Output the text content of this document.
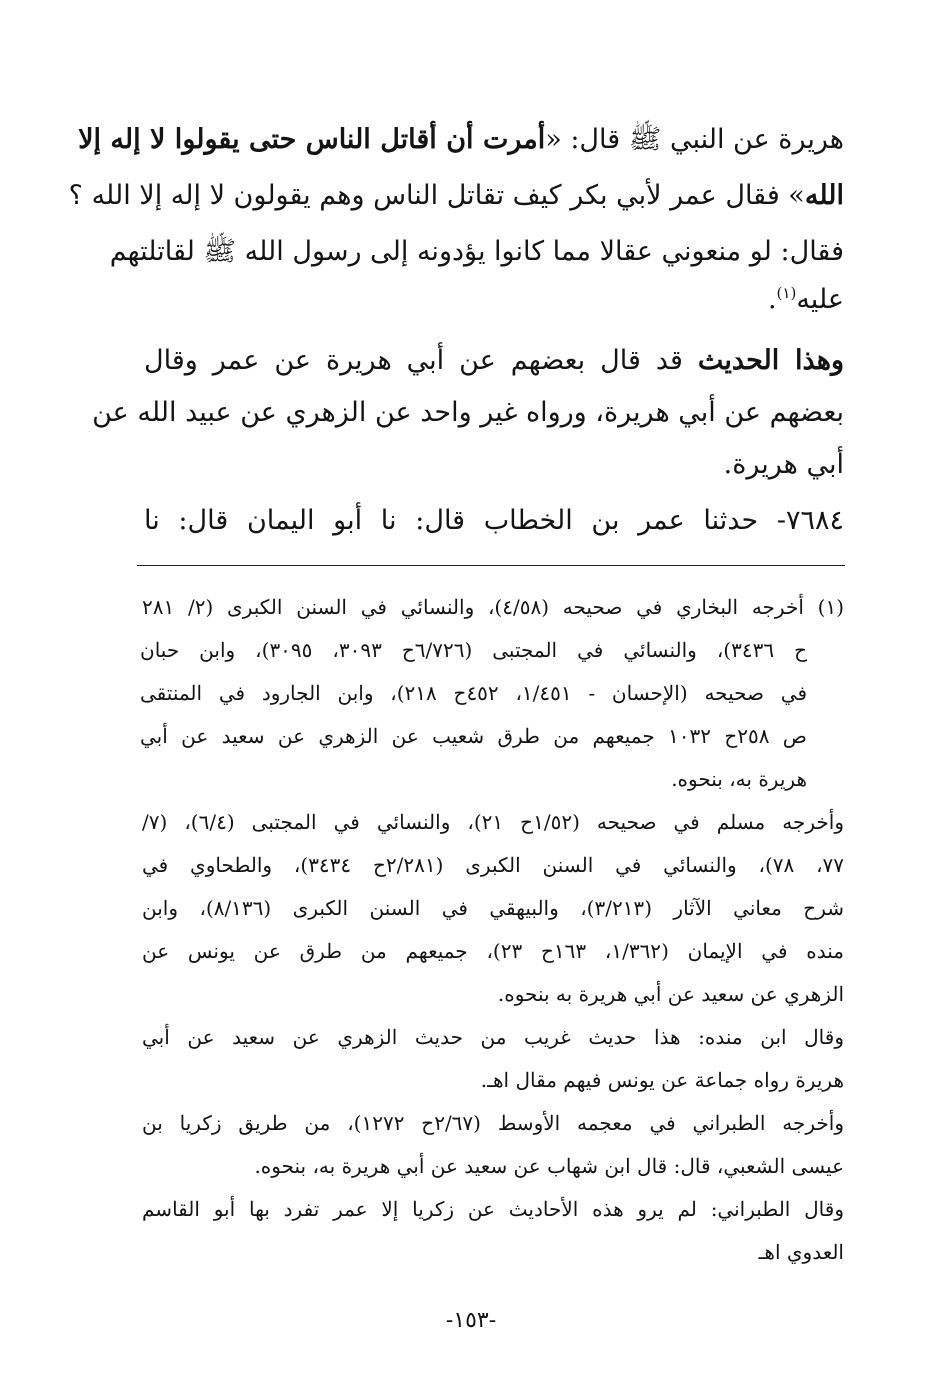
هريرة عن النبي ﷺ قال: «أمرت أن أقاتل الناس حتى يقولوا لا إله إلا
الله» فقال عمر لأبي بكر كيف تقاتل الناس وهم يقولون لا إله إلا الله ؟
فقال: لو منعوني عقالا مما كانوا يؤدونه إلى رسول الله ﷺ لقاتلتهم
عليه$^{(١)}$.
وهذا الحديث قد قال بعضهم عن أبي هريرة عن عمر وقال
بعضهم عن أبي هريرة، ورواه غير واحد عن الزهري عن عبيد الله عن
أبي هريرة.
٧٦٨٤- حدثنا عمر بن الخطاب قال: نا أبو اليمان قال: نا
(١) أخرجه البخاري في صحيحه (٤/٥٨)، والنسائي في السنن الكبرى (٢/ ٢٨١
ح ٣٤٣٦)، والنسائي في المجتبى (٦/٧٢٦ح ٣٠٩٣، ٣٠٩٥)، وابن حبان
في صحيحه (الإحسان - ١/٤٥١، ٤٥٢ح ٢١٨)، وابن الجارود في المنتقى
ص ٢٥٨ح ١٠٣٢ جميعهم من طرق شعيب عن الزهري عن سعيد عن أبي
هريرة به، بنحوه.
وأخرجه مسلم في صحيحه (١/٥٢ح ٢١)، والنسائي في المجتبى (٦/٤)، (٧/
٧٧، ٧٨)، والنسائي في السنن الكبرى (٢/٢٨١ح ٣٤٣٤)، والطحاوي في
شرح معاني الآثار (٣/٢١٣)، والبيهقي في السنن الكبرى (٨/١٣٦)، وابن
منده في الإيمان (١/٣٦٢، ١٦٣ح ٢٣)، جميعهم من طرق عن يونس عن
الزهري عن سعيد عن أبي هريرة به بنحوه.
وقال ابن منده: هذا حديث غريب من حديث الزهري عن سعيد عن أبي
هريرة رواه جماعة عن يونس فيهم مقال اهـ.
وأخرجه الطبراني في معجمه الأوسط (٢/٦٧ح ١٢٧٢)، من طريق زكريا بن
عيسى الشعبي، قال: قال ابن شهاب عن سعيد عن أبي هريرة به، بنحوه.
وقال الطبراني: لم يرو هذه الأحاديث عن زكريا إلا عمر تفرد بها أبو القاسم
العدوي اهـ
-١٥٣-
